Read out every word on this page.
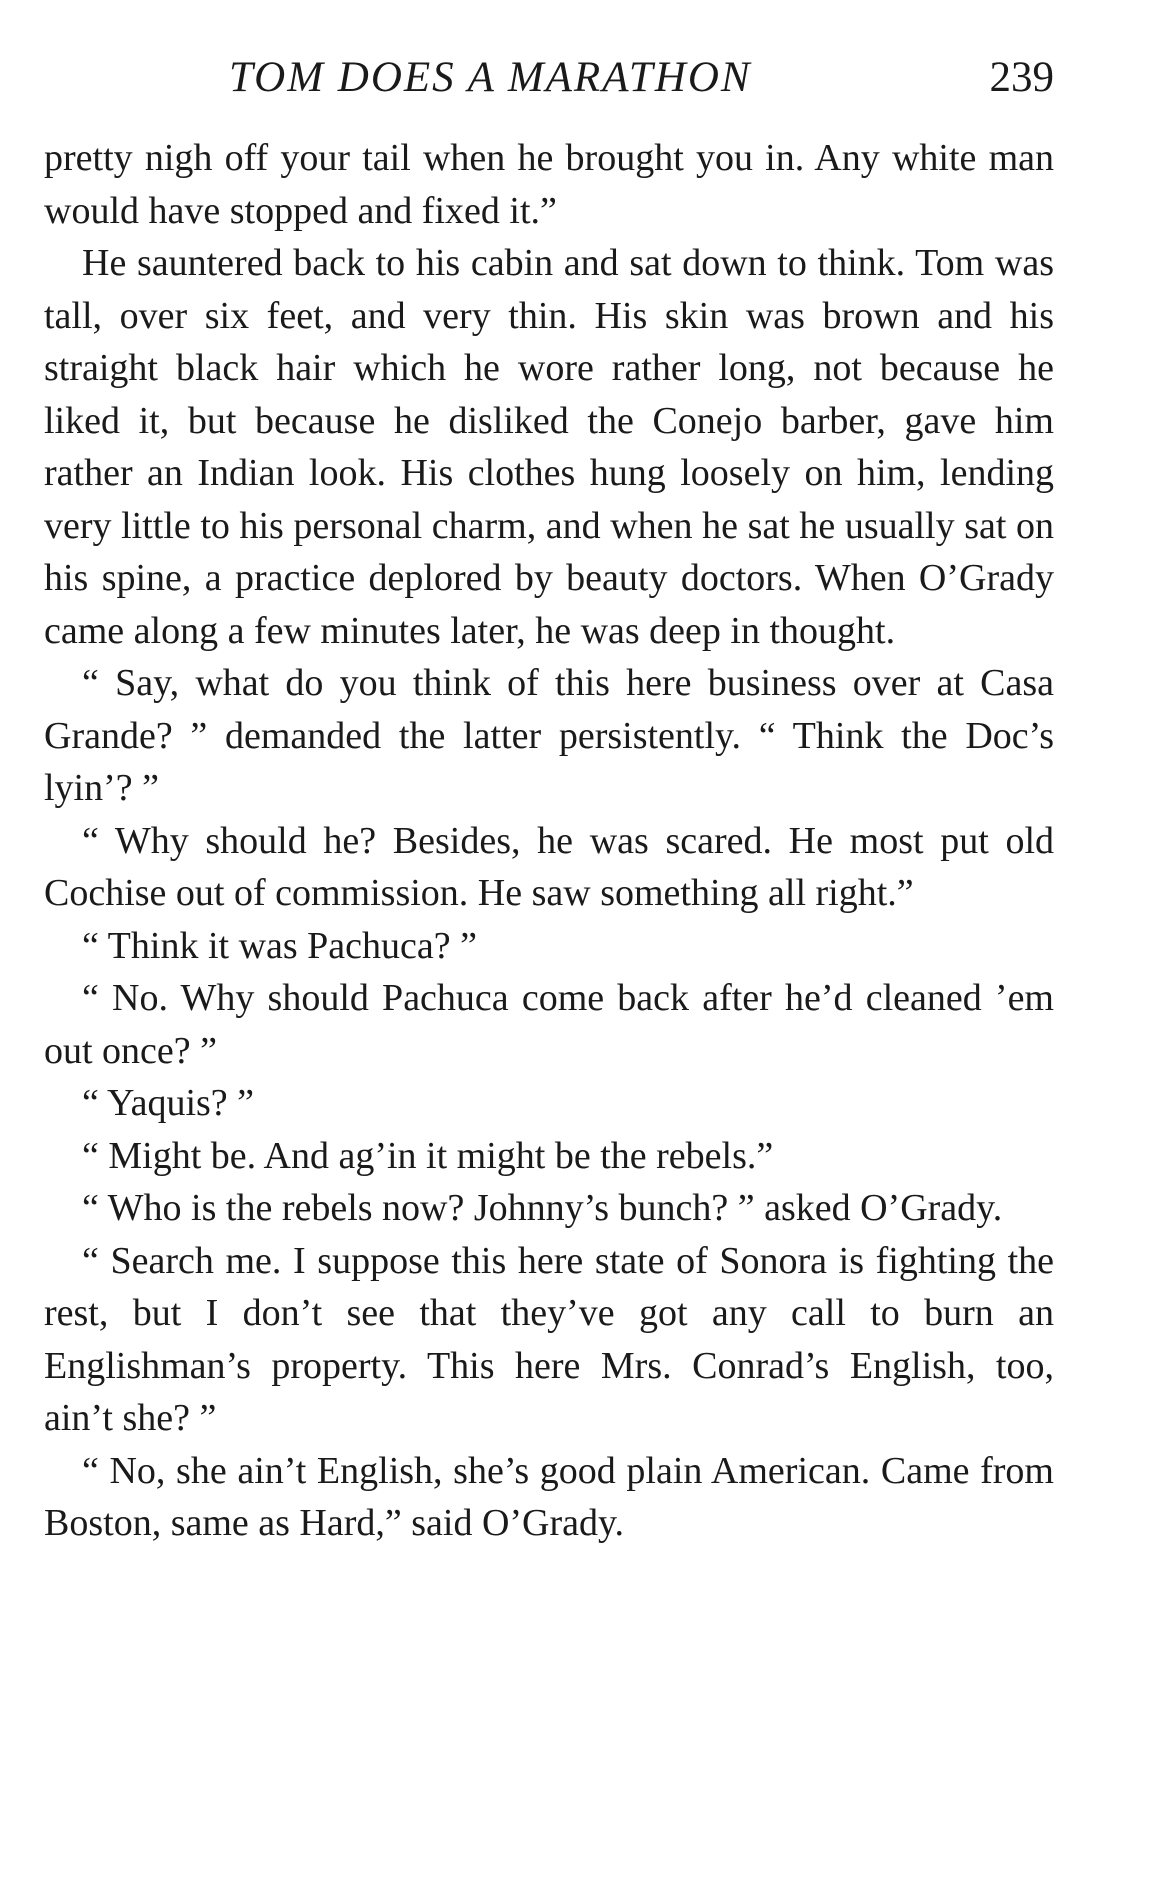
TOM DOES A MARATHON	239

pretty nigh off your tail when he brought you in. Any white man would have stopped and fixed it.”

He sauntered back to his cabin and sat down to think. Tom was tall, over six feet, and very thin. His skin was brown and his straight black hair which he wore rather long, not because he liked it, but because he disliked the Conejo barber, gave him rather an Indian look. His clothes hung loosely on him, lending very little to his personal charm, and when he sat he usually sat on his spine, a practice deplored by beauty doctors. When O’Grady came along a few minutes later, he was deep in thought.

“ Say, what do you think of this here business over at Casa Grande? ” demanded the latter persistently. “ Think the Doc’s lyin’? ”

“ Why should he? Besides, he was scared. He most put old Cochise out of commission. He saw something all right.”

“ Think it was Pachuca? ”

“ No. Why should Pachuca come back after he’d cleaned ’em out once? ”

“ Yaquis? ”

“ Might be. And ag’in it might be the rebels.”

“ Who is the rebels now? Johnny’s bunch? ” asked O’Grady.

“ Search me. I suppose this here state of Sonora is fighting the rest, but I don’t see that they’ve got any call to burn an Englishman’s property. This here Mrs. Conrad’s English, too, ain’t she? ”

“ No, she ain’t English, she’s good plain American. Came from Boston, same as Hard,” said O’Grady.
